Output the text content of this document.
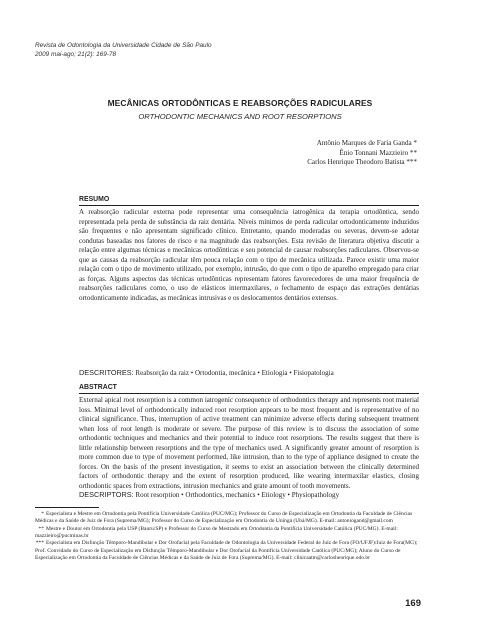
Revista de Odontologia da Universidade Cidade de São Paulo
2009 mai-ago; 21(2): 169-78
MECÂNICAS ORTODÔNTICAS E REABSORÇÕES RADICULARES
ORTHODONTIC MECHANICS AND ROOT RESORPTIONS
Antônio Marques de Faria Ganda *
Ênio Tonnani Mazzieiro **
Carlos Henrique Theodoro Batista ***
RESUMO
A reabsorção radicular externa pode representar uma consequência iatrogênica da terapia ortodôntica, sendo representada pela perda de substância da raiz dentária. Níveis mínimos de perda radicular ortodonticamente induzidos são frequentes e não apresentam significado clínico. Entretanto, quando moderadas ou severas, devem-se adotar condutas baseadas nos fatores de risco e na magnitude das reabsorções. Esta revisão de literatura objetiva discutir a relação entre algumas técnicas e mecânicas ortodônticas e seu potencial de causar reabsorções radiculares. Observou-se que as causas da reabsorção radicular têm pouca relação com o tipo de mecânica utilizada. Parece existir uma maior relação com o tipo de movimento utilizado, por exemplo, intrusão, do que com o tipo de aparelho empregado para criar as forças. Alguns aspectos das técnicas ortodônticas representam fatores favorecedores de uma maior frequência de reabsorções radiculares como, o uso de elásticos intermaxilares, o fechamento de espaço das extrações dentárias ortodonticamente indicadas, as mecânicas intrusivas e os deslocamentos dentários extensos.
DESCRITORES: Reabsorção da raiz • Ortodontia, mecânica • Etiologia • Fisiopatologia
ABSTRACT
External apical root resorption is a common iatrogenic consequence of orthodontics therapy and represents root material loss. Minimal level of orthodontically induced root resorption appears to be most frequent and is representative of no clinical significance. Thus, interruption of active treatment can minimize adverse effects during subsequent treatment when loss of root length is moderate or severe. The purpose of this review is to discuss the association of some orthodontic techniques and mechanics and their potential to induce root resorptions. The results suggest that there is little relationship between resorptions and the type of mechanics used. A significantly greater amount of resorption is more common due to type of movement performed, like intrusion, than to the type of appliance designed to create the forces. On the basis of the present investigation, it seems to exist an association between the clinically determined factors of orthodontic therapy and the extent of resorption produced, like wearing intermaxilar elastics, closing orthodontic spaces from extractions, intrusion mechanics and grate amount of tooth movements.
DESCRIPTORS: Root resorption • Orthodontics, mechanics • Etiology • Physiopathology

* Especialista e Mestre em Ortodontia pela Pontifícia Universidade Católica (PUC/MG); Professor do Curso de Especialização em Ortodontia da Faculdade de Ciências Médicas e da Saúde de Juiz de Fora (Suprema/MG); Professor do Curso de Especialização em Ortodontia do Uningá (Ubá/MG). E-mail: antoniogand@gmail.com

** Mestre e Doutor em Ortodontia pela USP (Bauru/SP) e Professor do Curso de Mestrado em Ortodontia da Pontifícia Universidade Católica (PUC/MG). E-mail: mazzieiro@pucminas.br

*** Especialista em Disfunção Têmporo-Mandibular e Dor Orofacial pela Faculdade de Odontologia da Universidade Federal de Juiz de Fora (FO/UFJF)/Juiz de Fora(MG); Prof. Convidado do Curso de Especialização em Disfunção Têmporo-Mandibular e Dor Orofacial da Pontifícia Universidade Católica (PUC/MG); Aluno do Curso de Especialização em Ortodontia da Faculdade de Ciências Médicas e da Saúde de Juiz de Fora (Suprema/MG). E-mail: clinicaatm@carloshenrique.odo.br

169
